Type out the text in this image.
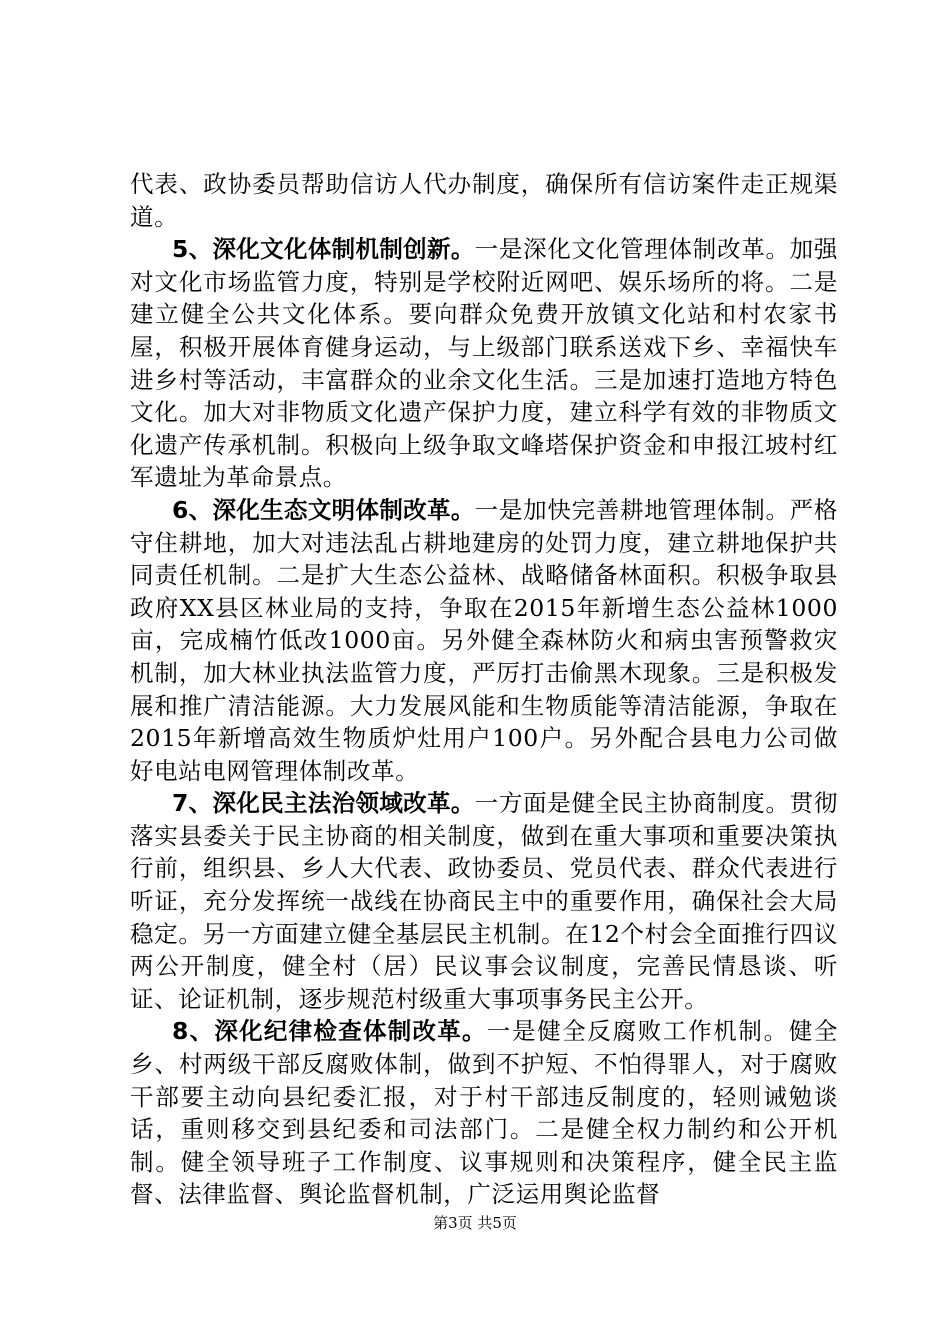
代表、政协委员帮助信访人代办制度，确保所有信访案件走正规渠道。

5、深化文化体制机制创新。一是深化文化管理体制改革。加强对文化市场监管力度，特别是学校附近网吧、娱乐场所的将。二是建立健全公共文化体系。要向群众免费开放镇文化站和村农家书屋，积极开展体育健身运动，与上级部门联系送戏下乡、幸福快车进乡村等活动，丰富群众的业余文化生活。三是加速打造地方特色文化。加大对非物质文化遗产保护力度，建立科学有效的非物质文化遗产传承机制。积极向上级争取文峰塔保护资金和申报江坡村红军遗址为革命景点。

6、深化生态文明体制改革。一是加快完善耕地管理体制。严格守住耕地，加大对违法乱占耕地建房的处罚力度，建立耕地保护共同责任机制。二是扩大生态公益林、战略储备林面积。积极争取县政府XX县区林业局的支持，争取在2015年新增生态公益林1000亩，完成楠竹低改1000亩。另外健全森林防火和病虫害预警救灾机制，加大林业执法监管力度，严厉打击偷黑木现象。三是积极发展和推广清洁能源。大力发展风能和生物质能等清洁能源，争取在2015年新增高效生物质炉灶用户100户。另外配合县电力公司做好电站电网管理体制改革。

7、深化民主法治领域改革。一方面是健全民主协商制度。贯彻落实县委关于民主协商的相关制度，做到在重大事项和重要决策执行前，组织县、乡人大代表、政协委员、党员代表、群众代表进行听证，充分发挥统一战线在协商民主中的重要作用，确保社会大局稳定。另一方面建立健全基层民主机制。在12个村会全面推行四议两公开制度，健全村（居）民议事会议制度，完善民情恳谈、听证、论证机制，逐步规范村级重大事项事务民主公开。

8、深化纪律检查体制改革。一是健全反腐败工作机制。健全乡、村两级干部反腐败体制，做到不护短、不怕得罪人，对于腐败干部要主动向县纪委汇报，对于村干部违反制度的，轻则诫勉谈话，重则移交到县纪委和司法部门。二是健全权力制约和公开机制。健全领导班子工作制度、议事规则和决策程序，健全民主监督、法律监督、舆论监督机制，广泛运用舆论监督

第3页 共5页
